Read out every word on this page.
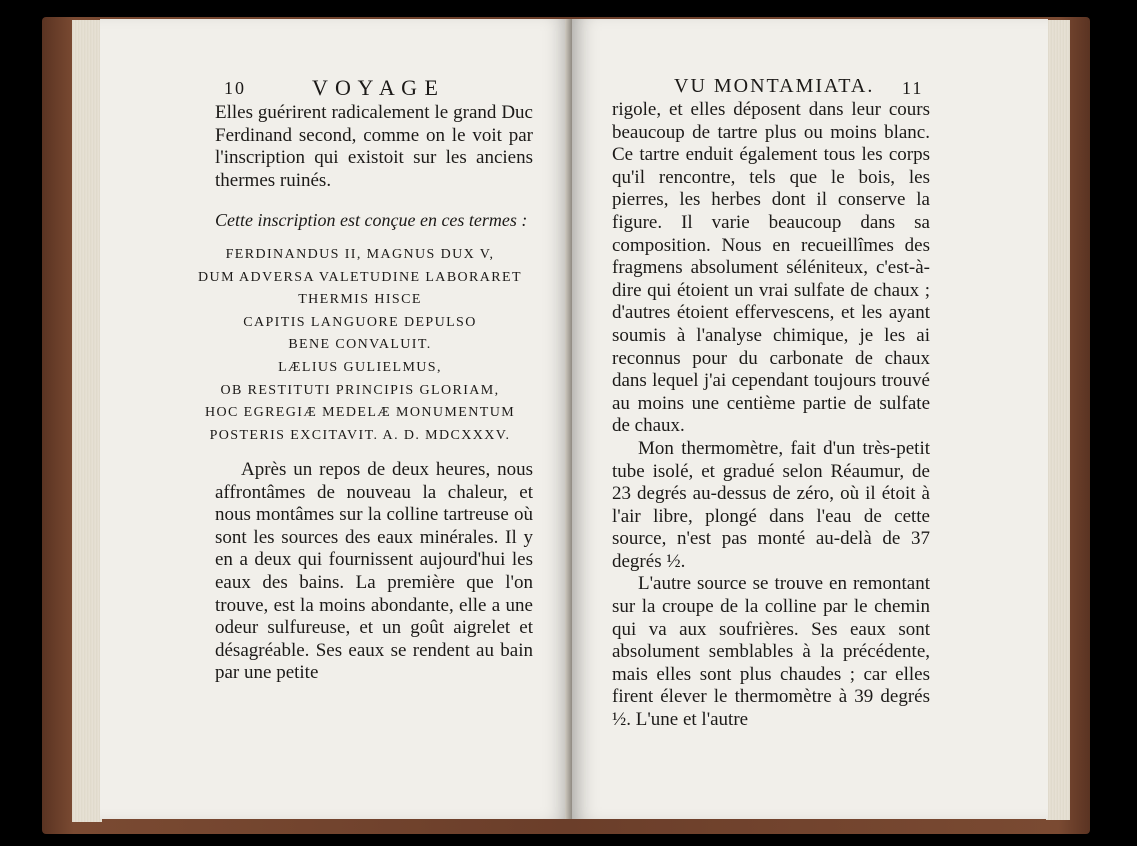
10	V O Y A G E

Elles guérirent radicalement le grand Duc Ferdinand second, comme on le voit par l'inscription qui existoit sur les anciens thermes ruinés.

Cette inscription est conçue en ces termes :

FERDINANDUS II, MAGNUS DUX V,
DUM ADVERSA VALETUDINE LABORARET
THERMIS HISCE
CAPITIS LANGUORE DEPULSO
BENE CONVALUIT.
LÆLIUS GULIELMUS,
OB RESTITUTI PRINCIPIS GLORIAM,
HOC EGREGIÆ MEDELÆ MONUMENTUM
POSTERIS EXCITAVIT. A. D. MDCXXXV.

Après un repos de deux heures, nous affrontâmes de nouveau la chaleur, et nous montâmes sur la colline tartreuse où sont les sources des eaux minérales. Il y en a deux qui fournissent aujourd'hui les eaux des bains. La première que l'on trouve, est la moins abondante, elle a une odeur sulfureuse, et un goût aigrelet et désagréable. Ses eaux se rendent au bain par une petite

VU MONTAMIATA. 11

rigole, et elles déposent dans leur cours beaucoup de tartre plus ou moins blanc. Ce tartre enduit également tous les corps qu'il rencontre, tels que le bois, les pierres, les herbes dont il conserve la figure. Il varie beaucoup dans sa composition. Nous en recueillîmes des fragmens absolument séléniteux, c'est-à-dire qui étoient un vrai sulfate de chaux ; d'autres étoient effervescens, et les ayant soumis à l'analyse chimique, je les ai reconnus pour du carbonate de chaux dans lequel j'ai cependant toujours trouvé au moins une centième partie de sulfate de chaux.

Mon thermomètre, fait d'un très-petit tube isolé, et gradué selon Réaumur, de 23 degrés au-dessus de zéro, où il étoit à l'air libre, plongé dans l'eau de cette source, n'est pas monté au-delà de 37 degrés ½.

L'autre source se trouve en remontant sur la croupe de la colline par le chemin qui va aux soufrières. Ses eaux sont absolument semblables à la précédente, mais elles sont plus chaudes ; car elles firent élever le thermomètre à 39 degrés ½. L'une et l'autre
